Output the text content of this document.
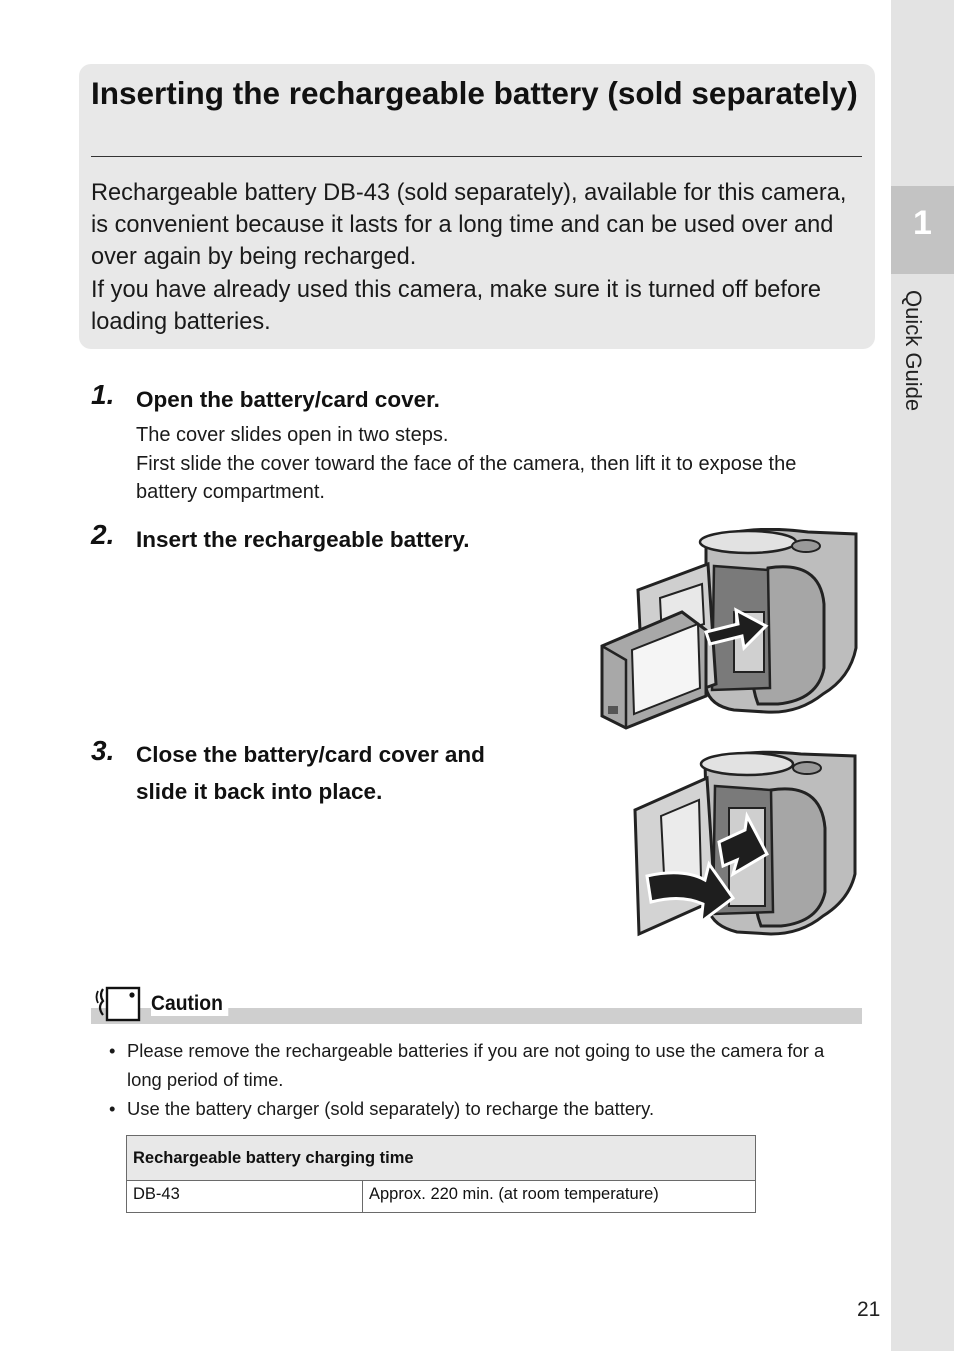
1
Quick Guide
Inserting the rechargeable battery (sold separately)

Rechargeable battery DB-43 (sold separately), available for this camera, is convenient because it lasts for a long time and can be used over and over again by being recharged.

If you have already used this camera, make sure it is turned off before loading batteries.

1. Open the battery/card cover.

The cover slides open in two steps.

First slide the cover toward the face of the camera, then lift it to expose the battery compartment.

2. Insert the rechargeable battery.
3. Close the battery/card cover and
slide it back into place.
Caution
• Please remove the rechargeable batteries if you are not going to use the camera for a long period of time.
• Use the battery charger (sold separately) to recharge the battery.
Rechargeable battery charging time
DB-43	Approx. 220 min. (at room temperature)
21
